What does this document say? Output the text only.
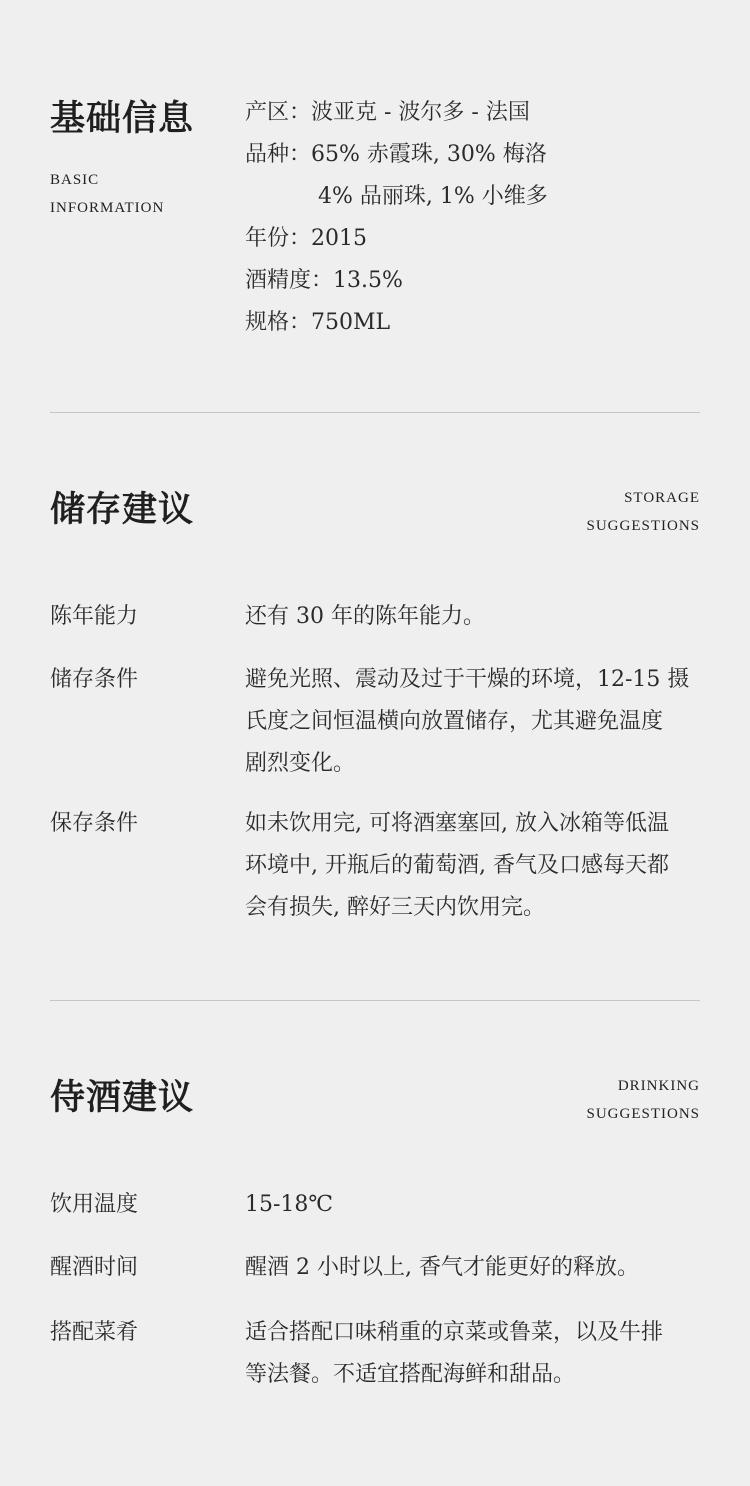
基础信息
BASIC
INFORMATION
产区：波亚克 - 波尔多 - 法国
品种：65% 赤霞珠, 30% 梅洛
4% 品丽珠, 1% 小维多
年份：2015
酒精度：13.5%
规格：750ML
储存建议	STORAGE
SUGGESTIONS
陈年能力	还有 30 年的陈年能力。
储存条件	避免光照、震动及过于干燥的环境，12-15 摄
氏度之间恒温横向放置储存，尤其避免温度
剧烈变化。
保存条件	如未饮用完, 可将酒塞塞回, 放入冰箱等低温
环境中, 开瓶后的葡萄酒, 香气及口感每天都
会有损失, 醉好三天内饮用完。
侍酒建议	DRINKING
SUGGESTIONS
饮用温度	15-18℃
醒酒时间	醒酒 2 小时以上, 香气才能更好的释放。
搭配菜肴	适合搭配口味稍重的京菜或鲁菜，以及牛排
等法餐。不适宜搭配海鲜和甜品。
